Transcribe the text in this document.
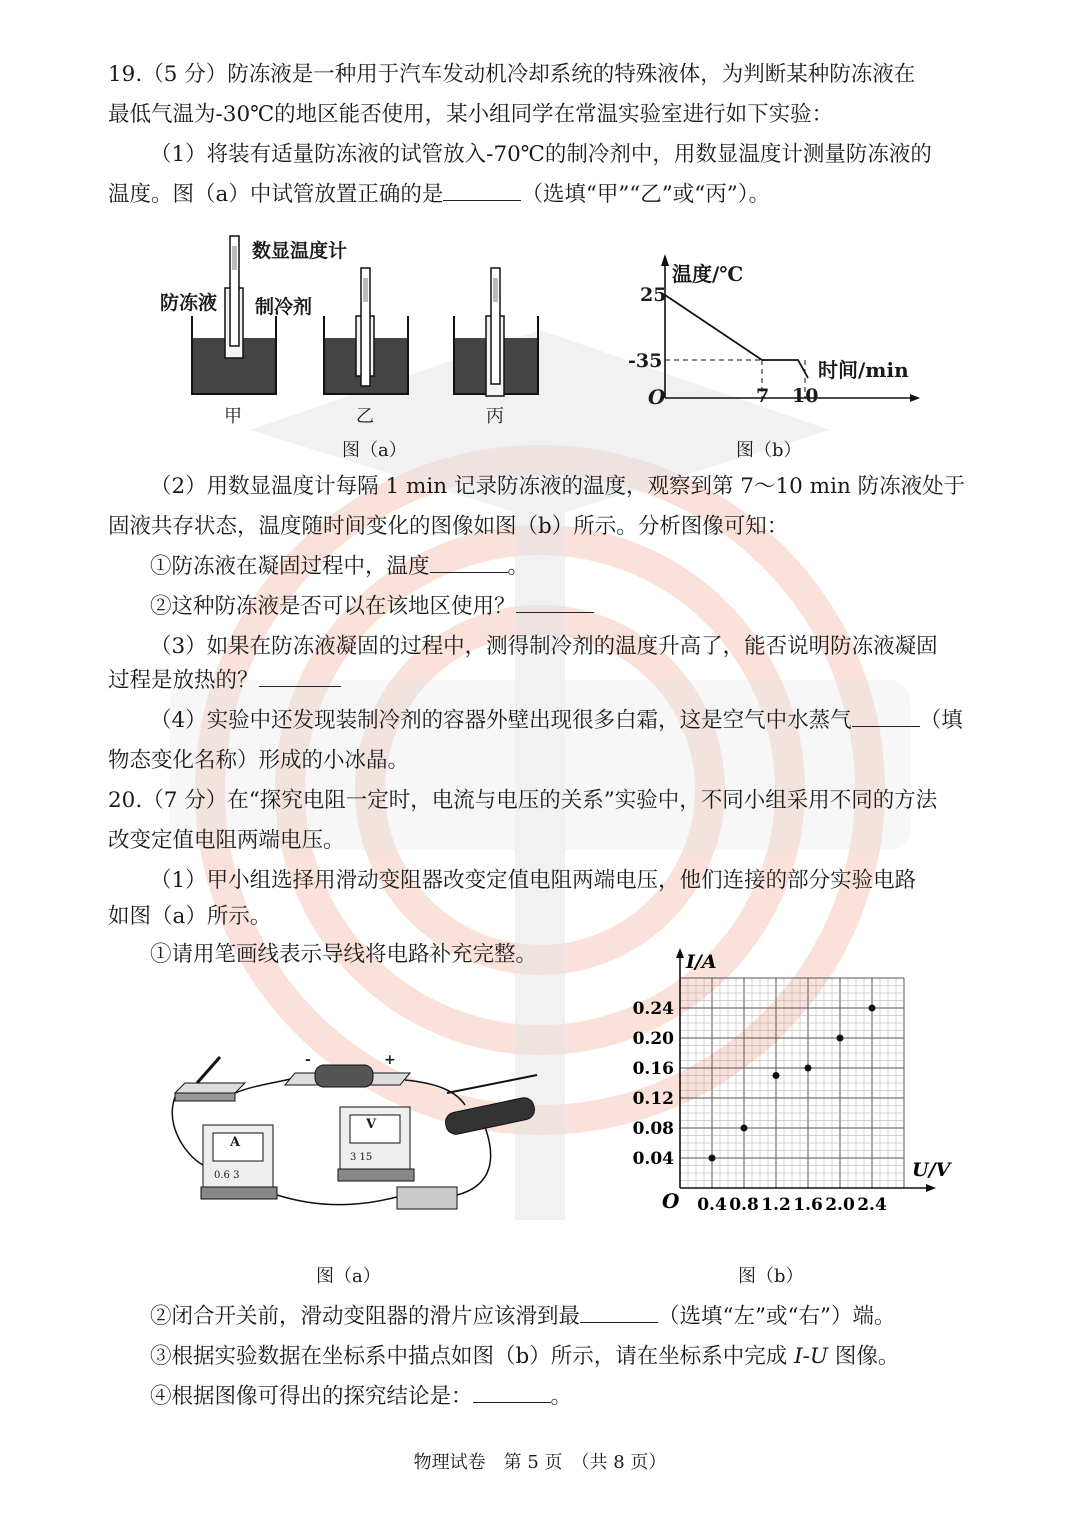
19.（5 分）防冻液是一种用于汽车发动机冷却系统的特殊液体，为判断某种防冻液在
最低气温为-30℃的地区能否使用，某小组同学在常温实验室进行如下实验：
（1）将装有适量防冻液的试管放入-70℃的制冷剂中，用数显温度计测量防冻液的
温度。图（a）中试管放置正确的是	（选填“甲”“乙”或“丙”）。
数显温度计
防冻液 制冷剂
甲	乙	丙
图（a）
温度/℃
25
-35	时间/min
O	7 10
图（b）
（2）用数显温度计每隔 1 min 记录防冻液的温度，观察到第 7～10 min 防冻液处于
固液共存状态，温度随时间变化的图像如图（b）所示。分析图像可知：
①防冻液在凝固过程中，温度	。
②这种防冻液是否可以在该地区使用？
（3）如果在防冻液凝固的过程中，测得制冷剂的温度升高了，能否说明防冻液凝固
过程是放热的？
（4）实验中还发现装制冷剂的容器外壁出现很多白霜，这是空气中水蒸气	（填
物态变化名称）形成的小冰晶。
20.（7 分）在“探究电阻一定时，电流与电压的关系”实验中，不同小组采用不同的方法
改变定值电阻两端电压。
（1）甲小组选择用滑动变阻器改变定值电阻两端电压，他们连接的部分实验电路
如图（a）所示。
①请用笔画线表示导线将电路补充完整。
-	+
A
0.6 3
V
3 15
图（a）
I/A
U/V
O 0.4 0.8 1.2 1.6 2.0 2.4
0.04
0.08
0.12
0.16
0.20
0.24
图（b）
②闭合开关前，滑动变阻器的滑片应该滑到最	（选填“左”或“右”）端。
③根据实验数据在坐标系中描点如图（b）所示，请在坐标系中完成 I-U 图像。
④根据图像可得出的探究结论是：	。
物理试卷　第 5 页　（共 8 页）
